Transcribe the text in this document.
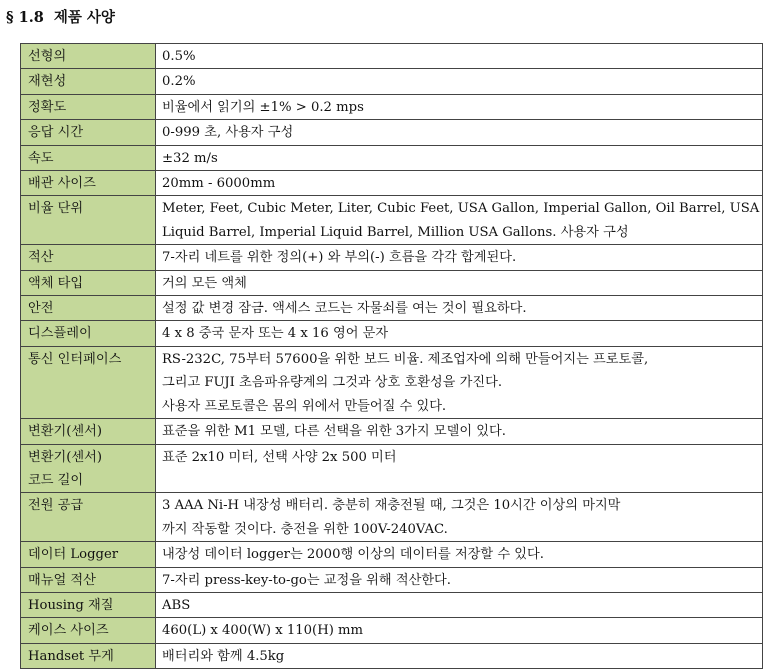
§ 1.8 제품 사양
선형의	0.5%

재현성	0.2%

정확도	비율에서 읽기의 ±1% > 0.2 mps

응답 시간	0-999 초, 사용자 구성

속도	±32 m/s

배관 사이즈	20mm - 6000mm

비율 단위	Meter, Feet, Cubic Meter, Liter, Cubic Feet, USA Gallon, Imperial Gallon, Oil Barrel, USA
Liquid Barrel, Imperial Liquid Barrel, Million USA Gallons. 사용자 구성

적산	7-자리 네트를 위한 정의(+) 와 부의(-) 흐름을 각각 합계된다.

액체 타입	거의 모든 액체

안전	설정 값 변경 잠금. 액세스 코드는 자물쇠를 여는 것이 필요하다.

디스플레이	4 x 8 중국 문자 또는 4 x 16 영어 문자

통신 인터페이스	RS-232C, 75부터 57600을 위한 보드 비율. 제조업자에 의해 만들어지는 프로토콜,
그리고 FUJI 초음파유량계의 그것과 상호 호환성을 가진다.
사용자 프로토콜은 몸의 위에서 만들어질 수 있다.

변환기(센서)	표준을 위한 M1 모델, 다른 선택을 위한 3가지 모델이 있다.

변환기(센서)
코드 길이	표준 2x10 미터, 선택 사양 2x 500 미터

전원 공급	3 AAA Ni-H 내장성 배터리. 충분히 재충전될 때, 그것은 10시간 이상의 마지막
까지 작동할 것이다. 충전을 위한 100V-240VAC.

데이터 Logger	내장성 데이터 logger는 2000행 이상의 데이터를 저장할 수 있다.

매뉴얼 적산	7-자리 press-key-to-go는 교정을 위해 적산한다.

Housing 재질	ABS

케이스 사이즈	460(L) x 400(W) x 110(H) mm

Handset 무게	배터리와 함께 4.5kg
